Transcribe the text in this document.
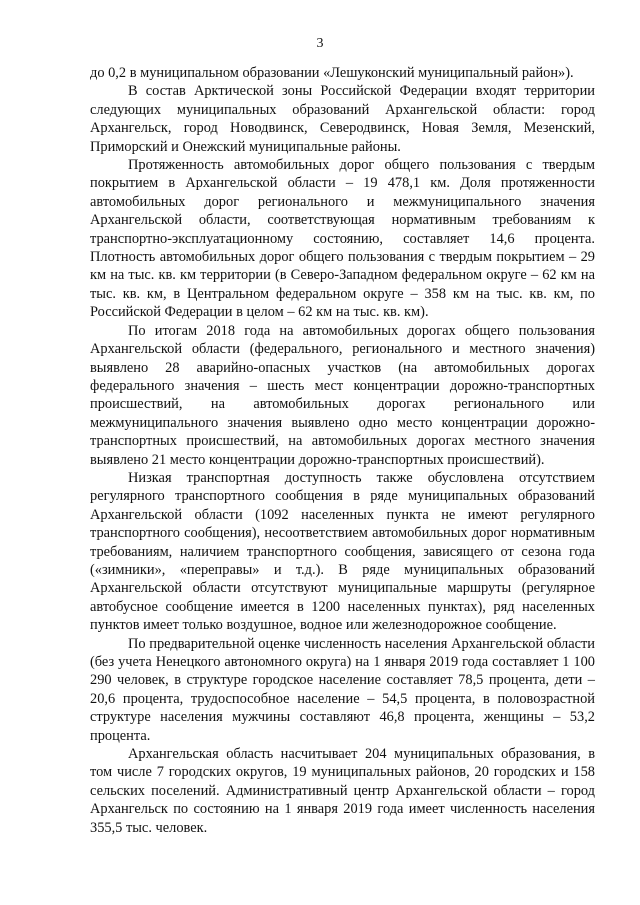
3

до 0,2 в муниципальном образовании «Лешуконский муниципальный район»).

В состав Арктической зоны Российской Федерации входят территории следующих муниципальных образований Архангельской области: город Архангельск, город Новодвинск, Северодвинск, Новая Земля, Мезенский, Приморский и Онежский муниципальные районы.

Протяженность автомобильных дорог общего пользования с твердым покрытием в Архангельской области – 19 478,1 км. Доля протяженности автомобильных дорог регионального и межмуниципального значения Архангельской области, соответствующая нормативным требованиям к транспортно-эксплуатационному состоянию, составляет 14,6 процента. Плотность автомобильных дорог общего пользования с твердым покрытием – 29 км на тыс. кв. км территории (в Северо-Западном федеральном округе – 62 км на тыс. кв. км, в Центральном федеральном округе – 358 км на тыс. кв. км, по Российской Федерации в целом – 62 км на тыс. кв. км).

По итогам 2018 года на автомобильных дорогах общего пользования Архангельской области (федерального, регионального и местного значения) выявлено 28 аварийно-опасных участков (на автомобильных дорогах федерального значения – шесть мест концентрации дорожно-транспортных происшествий, на автомобильных дорогах регионального или межмуниципального значения выявлено одно место концентрации дорожно-транспортных происшествий, на автомобильных дорогах местного значения выявлено 21 место концентрации дорожно-транспортных происшествий).

Низкая транспортная доступность также обусловлена отсутствием регулярного транспортного сообщения в ряде муниципальных образований Архангельской области (1092 населенных пункта не имеют регулярного транспортного сообщения), несоответствием автомобильных дорог нормативным требованиям, наличием транспортного сообщения, зависящего от сезона года («зимники», «переправы» и т.д.). В ряде муниципальных образований Архангельской области отсутствуют муниципальные маршруты (регулярное автобусное сообщение имеется в 1200 населенных пунктах), ряд населенных пунктов имеет только воздушное, водное или железнодорожное сообщение.

По предварительной оценке численность населения Архангельской области (без учета Ненецкого автономного округа) на 1 января 2019 года составляет 1 100 290 человек, в структуре городское население составляет 78,5 процента, дети – 20,6 процента, трудоспособное население – 54,5 процента, в половозрастной структуре населения мужчины составляют 46,8 процента, женщины – 53,2 процента.

Архангельская область насчитывает 204 муниципальных образования, в том числе 7 городских округов, 19 муниципальных районов, 20 городских и 158 сельских поселений. Административный центр Архангельской области – город Архангельск по состоянию на 1 января 2019 года имеет численность населения 355,5 тыс. человек.
